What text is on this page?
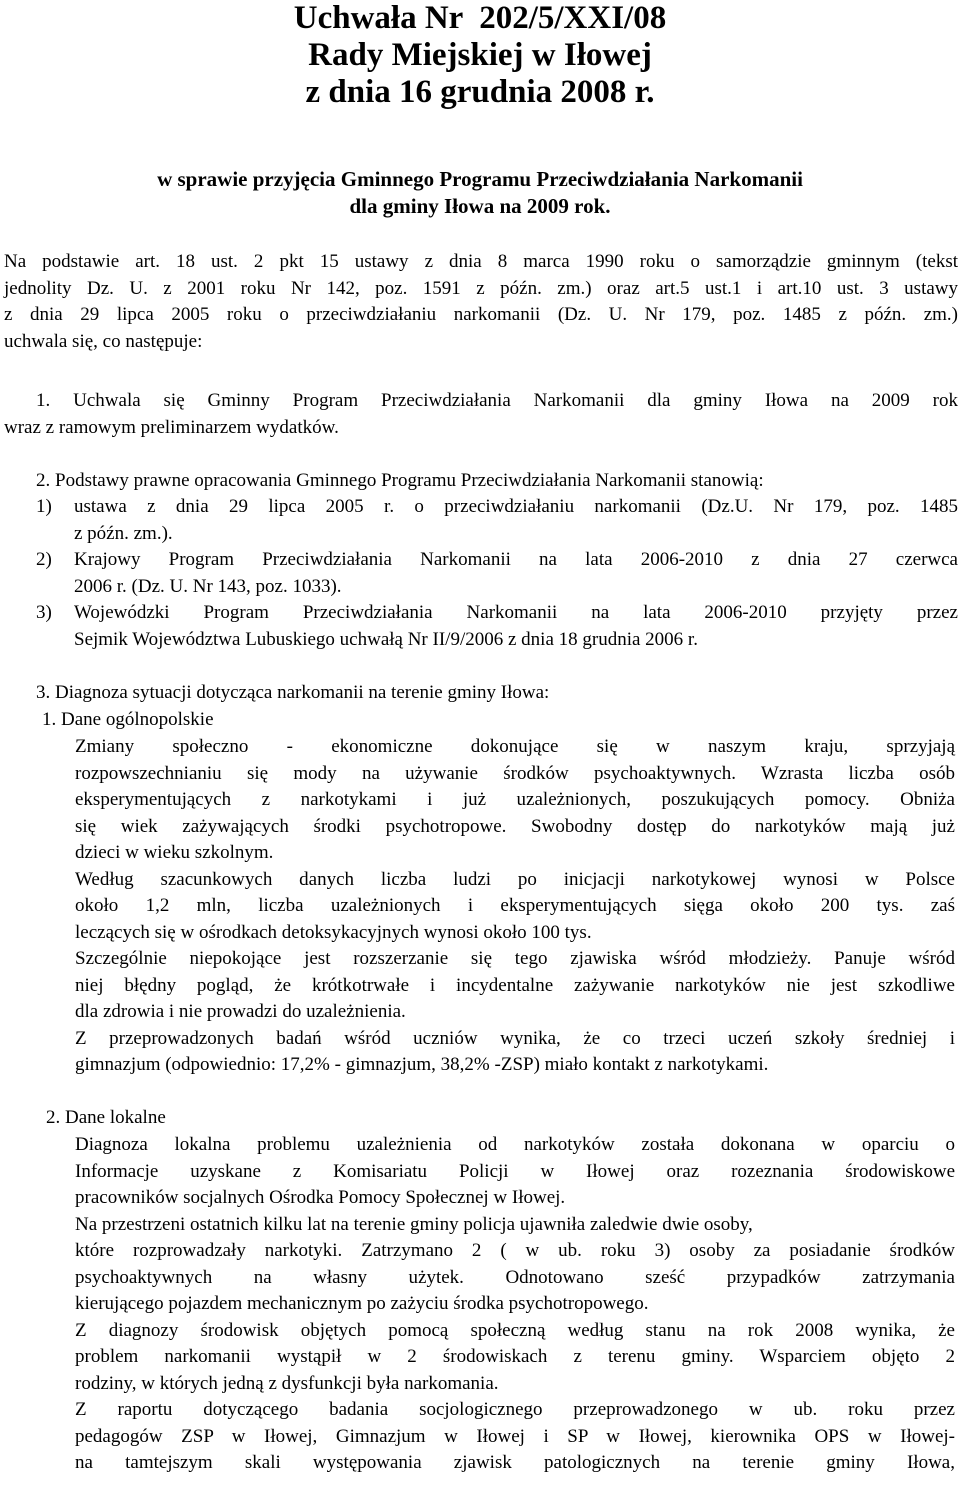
Uchwała Nr  202/5/XXI/08
Rady Miejskiej w Iłowej
z dnia 16 grudnia 2008 r.
w sprawie przyjęcia Gminnego Programu Przeciwdziałania Narkomanii
dla gminy Iłowa na 2009 rok.
Na podstawie art. 18 ust. 2 pkt 15 ustawy z dnia 8 marca 1990 roku o samorządzie gminnym (tekst
jednolity Dz. U. z 2001 roku Nr 142, poz. 1591 z późn. zm.) oraz art.5 ust.1 i art.10 ust. 3 ustawy
z dnia 29 lipca 2005 roku o przeciwdziałaniu narkomanii (Dz. U. Nr 179, poz. 1485 z późn. zm.)
uchwala się, co następuje:
1. Uchwala się Gminny Program Przeciwdziałania Narkomanii dla gminy Iłowa na 2009 rok
wraz z ramowym preliminarzem wydatków.
2. Podstawy prawne opracowania Gminnego Programu Przeciwdziałania Narkomanii stanowią:
1) ustawa z dnia 29 lipca 2005 r. o przeciwdziałaniu narkomanii (Dz.U. Nr 179, poz. 1485
z późn. zm.).
2) Krajowy Program Przeciwdziałania Narkomanii na lata 2006-2010 z dnia 27 czerwca
2006 r. (Dz. U. Nr 143, poz. 1033).
3) Wojewódzki Program Przeciwdziałania Narkomanii na lata 2006-2010 przyjęty przez
Sejmik Województwa Lubuskiego uchwałą Nr II/9/2006 z dnia 18 grudnia 2006 r.
3. Diagnoza sytuacji dotycząca narkomanii na terenie gminy Iłowa:
1. Dane ogólnopolskie
Zmiany społeczno - ekonomiczne dokonujące się w naszym kraju, sprzyjają
rozpowszechnianiu się mody na używanie środków psychoaktywnych. Wzrasta liczba osób
eksperymentujących z narkotykami i już uzależnionych, poszukujących pomocy. Obniża
się wiek zażywających środki psychotropowe. Swobodny dostęp do narkotyków mają już
dzieci w wieku szkolnym.
Według szacunkowych danych liczba ludzi po inicjacji narkotykowej wynosi w Polsce
około 1,2 mln, liczba uzależnionych i eksperymentujących sięga około 200 tys. zaś
leczących się w ośrodkach detoksykacyjnych wynosi około 100 tys.
Szczególnie niepokojące jest rozszerzanie się tego zjawiska wśród młodzieży. Panuje wśród
niej błędny pogląd, że krótkotrwałe i incydentalne zażywanie narkotyków nie jest szkodliwe
dla zdrowia i nie prowadzi do uzależnienia.
Z przeprowadzonych badań wśród uczniów wynika, że co trzeci uczeń szkoły średniej i
gimnazjum (odpowiednio: 17,2% - gimnazjum, 38,2% -ZSP) miało kontakt z narkotykami.
2. Dane lokalne
Diagnoza lokalna problemu uzależnienia od narkotyków została dokonana w oparciu o
Informacje uzyskane z Komisariatu Policji w Iłowej oraz rozeznania środowiskowe
pracowników socjalnych Ośrodka Pomocy Społecznej w Iłowej.
Na przestrzeni ostatnich kilku lat na terenie gminy policja ujawniła zaledwie dwie osoby,
które rozprowadzały narkotyki. Zatrzymano 2 ( w ub. roku 3) osoby za posiadanie środków
psychoaktywnych na własny użytek. Odnotowano sześć przypadków zatrzymania
kierującego pojazdem mechanicznym po zażyciu środka psychotropowego.
Z diagnozy środowisk objętych pomocą społeczną według stanu na rok 2008 wynika, że
problem narkomanii wystąpił w 2 środowiskach z terenu gminy. Wsparciem objęto 2
rodziny, w których jedną z dysfunkcji była narkomania.
Z raportu dotyczącego badania socjologicznego przeprowadzonego w ub. roku przez
pedagogów ZSP w Iłowej, Gimnazjum w Iłowej i SP w Iłowej, kierownika OPS w Iłowej-
na tamtejszym skali występowania zjawisk patologicznych na terenie gminy Iłowa,
